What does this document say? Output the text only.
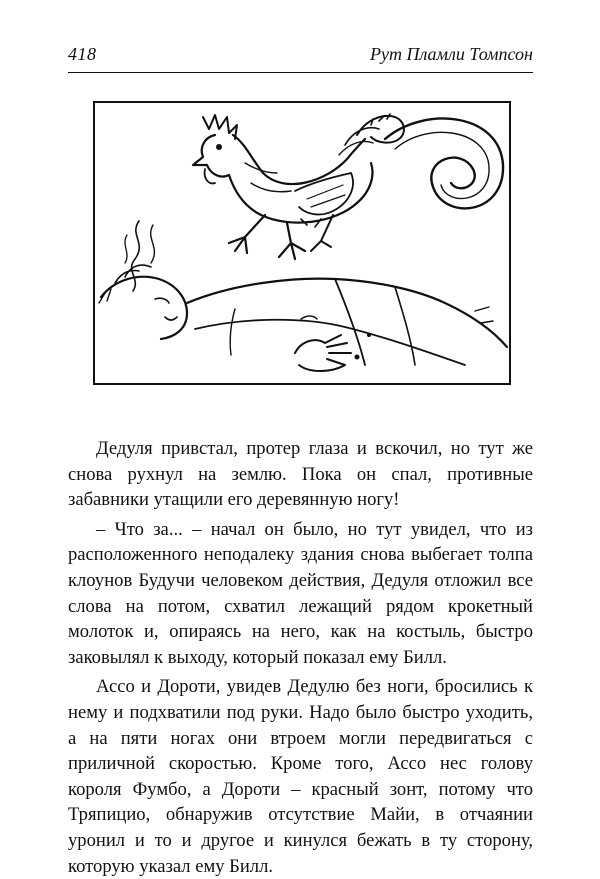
418	Рут Пламли Томпсон

Дедуля привстал, протер глаза и вскочил, но тут же снова рухнул на землю. Пока он спал, противные забавники утащили его деревянную ногу!

– Что за... – начал он было, но тут увидел, что из расположенного неподалеку здания снова выбегает толпа клоунов Будучи человеком действия, Дедуля отложил все слова на потом, схватил лежащий рядом крокетный молоток и, опираясь на него, как на костыль, быстро заковылял к выходу, который показал ему Билл.

Ассо и Дороти, увидев Дедулю без ноги, бросились к нему и подхватили под руки. Надо было быстро уходить, а на пяти ногах они втроем могли передвигаться с приличной скоростью. Кроме того, Ассо нес голову короля Фумбо, а Дороти – красный зонт, потому что Тряпицио, обнаружив отсутствие Майи, в отчаянии уронил и то и другое и кинулся бежать в ту сторону, которую указал ему Билл.
